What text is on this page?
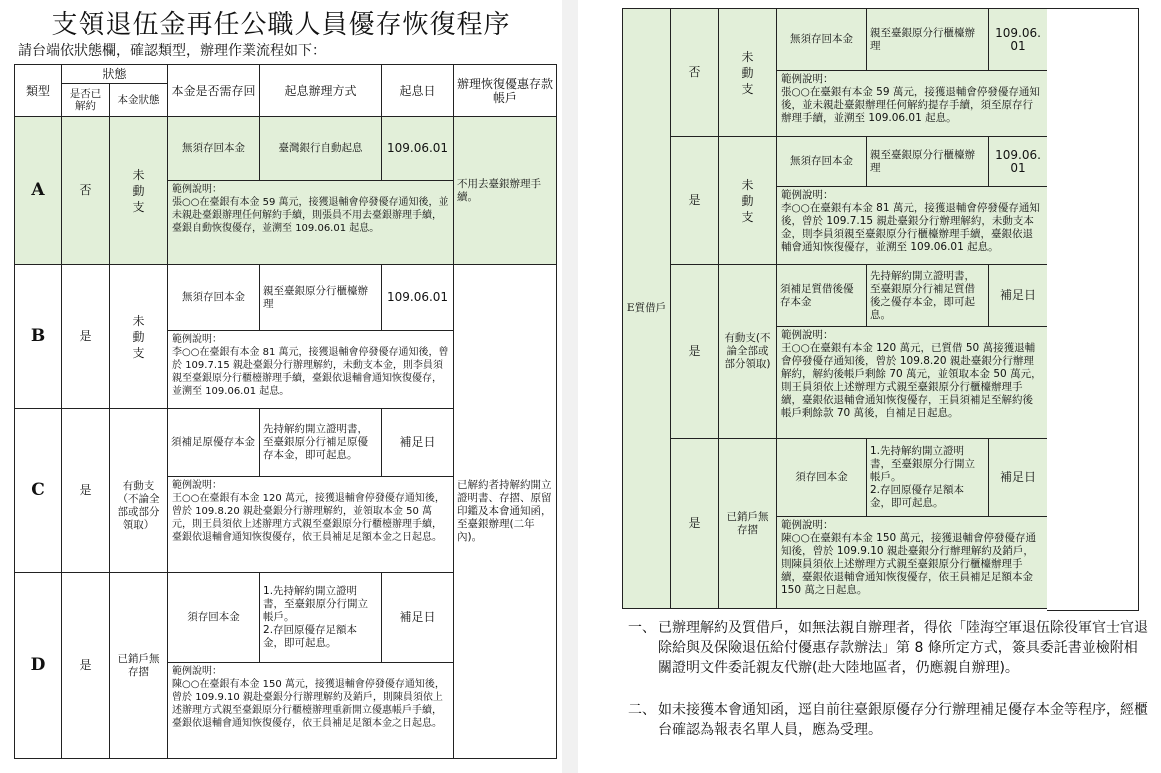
支領退伍金再任公職人員優存恢復程序
請台端依狀態欄，確認類型，辦理作業流程如下：
類型	狀態		本金是否需存回	起息辦理方式	起息日	辦理恢復優惠存款帳戶
	是否已解約	本金狀態				
A	否	未動支	無須存回本金	臺灣銀行自動起息	109.06.01	不用去臺銀辦理手續。

			範例說明：
張○○在臺銀有本金 59 萬元，接獲退輔會停發優存通知後，並未親赴臺銀辦理任何解約手續，則張員不用去臺銀辦理手續，臺銀自動恢復優存，並溯至 109.06.01 起息。			

B	是	未動支	無須存回本金	親至臺銀原分行櫃檯辦理	109.06.01	已解約者持解約開立證明書、存摺、原留印鑑及本會通知函，至臺銀辦理(二年內)。

			範例說明：
李○○在臺銀有本金 81 萬元，接獲退輔會停發優存通知後，曾於 109.7.15 親赴臺銀分行辦理解約，未動支本金，則李員須親至臺銀原分行櫃檯辦理手續，臺銀依退輔會通知恢復優存，並溯至 109.06.01 起息。			

C	是	有動支（不論全部或部分領取）	須補足原優存本金	先持解約開立證明書，至臺銀原分行補足原優存本金，即可起息。	補足日	

			範例說明：
王○○在臺銀有本金 120 萬元，接獲退輔會停發優存通知後，曾於 109.8.20 親赴臺銀分行辦理解約，並領取本金 50 萬元，則王員須依上述辦理方式親至臺銀原分行櫃檯辦理手續，臺銀依退輔會通知恢復優存，依王員補足足額本金之日起息。			

D	是	已銷戶無存摺	須存回本金	1.先持解約開立證明書，至臺銀原分行開立帳戶。
2.存回原優存足額本金，即可起息。	補足日	

			範例說明：
陳○○在臺銀有本金 150 萬元，接獲退輔會停發優存通知後，曾於 109.9.10 親赴臺銀分行辦理解約及銷戶，則陳員須依上述辦理方式親至臺銀原分行櫃檯辦理重新開立優惠帳戶手續，臺銀依退輔會通知恢復優存，依王員補足足額本金之日起息。			
E質借戶	否	未動支	無須存回本金	親至臺銀原分行櫃檯辦理	109.06.01

			範例說明：
張○○在臺銀有本金 59 萬元，接獲退輔會停發優存通知後，並未親赴臺銀辦理任何解約提存手續，須至原存行辦理手續，並溯至 109.06.01 起息。		

	是	未動支	無須存回本金	親至臺銀原分行櫃檯辦理	109.06.01

			範例說明：
李○○在臺銀有本金 81 萬元，接獲退輔會停發優存通知後，曾於 109.7.15 親赴臺銀分行辦理解約，未動支本金，則李員須親至臺銀原分行櫃檯辦理手續，臺銀依退輔會通知恢復優存，並溯至 109.06.01 起息。		

	是	有動支(不論全部或部分領取)	須補足質借後優存本金	先持解約開立證明書，至臺銀原分行補足質借後之優存本金，即可起息。	補足日

			範例說明：
王○○在臺銀有本金 120 萬元，已質借 50 萬接獲退輔會停發優存通知後，曾於 109.8.20 親赴臺銀分行辦理解約，解約後帳戶剩餘 70 萬元，並領取本金 50 萬元，則王員須依上述辦理方式親至臺銀原分行櫃檯辦理手續，臺銀依退輔會通知恢復優存，王員須補足至解約後帳戶剩餘款 70 萬後，自補足日起息。		

	是	已銷戶無存摺	須存回本金	1.先持解約開立證明書，至臺銀原分行開立帳戶。
2.存回原優存足額本金，即可起息。	補足日

			範例說明：
陳○○在臺銀有本金 150 萬元，接獲退輔會停發優存通知後，曾於 109.9.10 親赴臺銀分行辦理解約及銷戶，則陳員須依上述辦理方式親至臺銀原分行櫃檯辦理手續，臺銀依退輔會通知恢復優存，依王員補足足額本金 150 萬之日起息。		
一、 已辦理解約及質借戶，如無法親自辦理者，得依「陸海空軍退伍除役軍官士官退除給與及保險退伍給付優惠存款辦法」第 8 條所定方式，簽具委託書並檢附相關證明文件委託親友代辦(赴大陸地區者，仍應親自辦理)。
二、 如未接獲本會通知函，逕自前往臺銀原優存分行辦理補足優存本金等程序，經櫃台確認為報表名單人員，應為受理。
